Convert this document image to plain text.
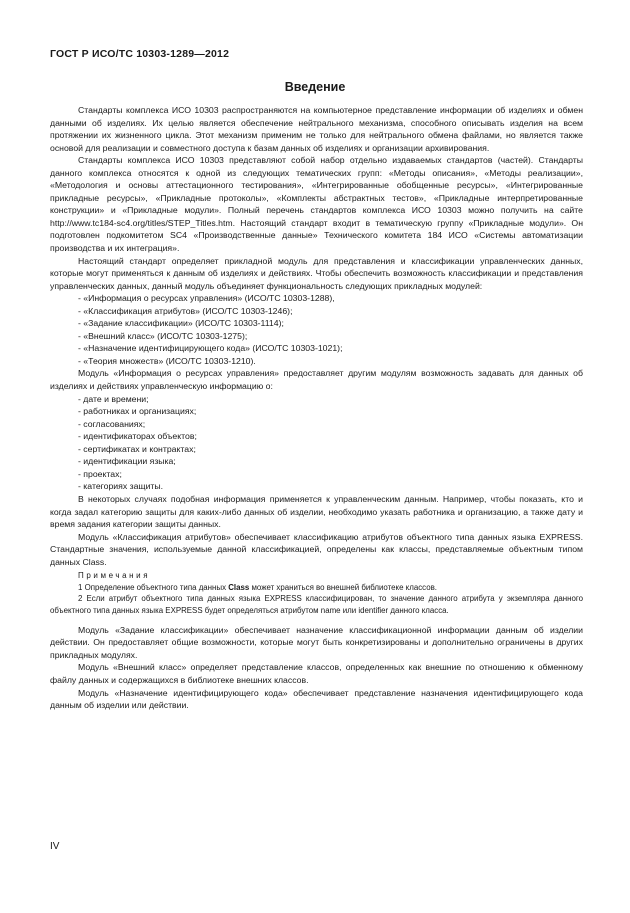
ГОСТ Р ИСО/ТС 10303-1289—2012
Введение

Стандарты комплекса ИСО 10303 распространяются на компьютерное представление информации об изделиях и обмен данными об изделиях. Их целью является обеспечение нейтрального механизма, способного описывать изделия на всем протяжении их жизненного цикла. Этот механизм применим не только для нейтрального обмена файлами, но является также основой для реализации и совместного доступа к базам данных об изделиях и организации архивирования.

Стандарты комплекса ИСО 10303 представляют собой набор отдельно издаваемых стандартов (частей). Стандарты данного комплекса относятся к одной из следующих тематических групп: «Методы описания», «Методы реализации», «Методология и основы аттестационного тестирования», «Интегрированные обобщенные ресурсы», «Интегрированные прикладные ресурсы», «Прикладные протоколы», «Комплекты абстрактных тестов», «Прикладные интерпретированные конструкции» и «Прикладные модули». Полный перечень стандартов комплекса ИСО 10303 можно получить на сайте http://www.tc184-sc4.org/titles/STEP_Titles.htm. Настоящий стандарт входит в тематическую группу «Прикладные модули». Он подготовлен подкомитетом SC4 «Производственные данные» Технического комитета 184 ИСО «Системы автоматизации производства и их интеграция».

Настоящий стандарт определяет прикладной модуль для представления и классификации управленческих данных, которые могут применяться к данным об изделиях и действиях. Чтобы обеспечить возможность классификации и представления управленческих данных, данный модуль объединяет функциональность следующих прикладных модулей:

- «Информация о ресурсах управления» (ИСО/ТС 10303-1288),
- «Классификация атрибутов» (ИСО/ТС 10303-1246);
- «Задание классификации» (ИСО/ТС 10303-1114);
- «Внешний класс» (ИСО/ТС 10303-1275);
- «Назначение идентифицирующего кода» (ИСО/ТС 10303-1021);
- «Теория множеств» (ИСО/ТС 10303-1210).

Модуль «Информация о ресурсах управления» предоставляет другим модулям возможность задавать для данных об изделиях и действиях управленческую информацию о:

- дате и времени;
- работниках и организациях;
- согласованиях;
- идентификаторах объектов;
- сертификатах и контрактах;
- идентификации языка;
- проектах;
- категориях защиты.

В некоторых случаях подобная информация применяется к управленческим данным. Например, чтобы показать, кто и когда задал категорию защиты для каких-либо данных об изделии, необходимо указать работника и организацию, а также дату и время задания категории защиты данных.

Модуль «Классификация атрибутов» обеспечивает классификацию атрибутов объектного типа данных языка EXPRESS. Стандартные значения, используемые данной классификацией, определены как классы, представляемые объектным типом данных Class.

Примечания

1 Определение объектного типа данных Class может храниться во внешней библиотеке классов.

2 Если атрибут объектного типа данных языка EXPRESS классифицирован, то значение данного атрибута у экземпляра данного объектного типа данных языка EXPRESS будет определяться атрибутом name или identifier данного класса.

Модуль «Задание классификации» обеспечивает назначение классификационной информации данным об изделии действии. Он предоставляет общие возможности, которые могут быть конкретизированы и дополнительно ограничены в других прикладных модулях.

Модуль «Внешний класс» определяет представление классов, определенных как внешние по отношению к обменному файлу данных и содержащихся в библиотеке внешних классов.

Модуль «Назначение идентифицирующего кода» обеспечивает представление назначения идентифицирующего кода данным об изделии или действии.

IV
